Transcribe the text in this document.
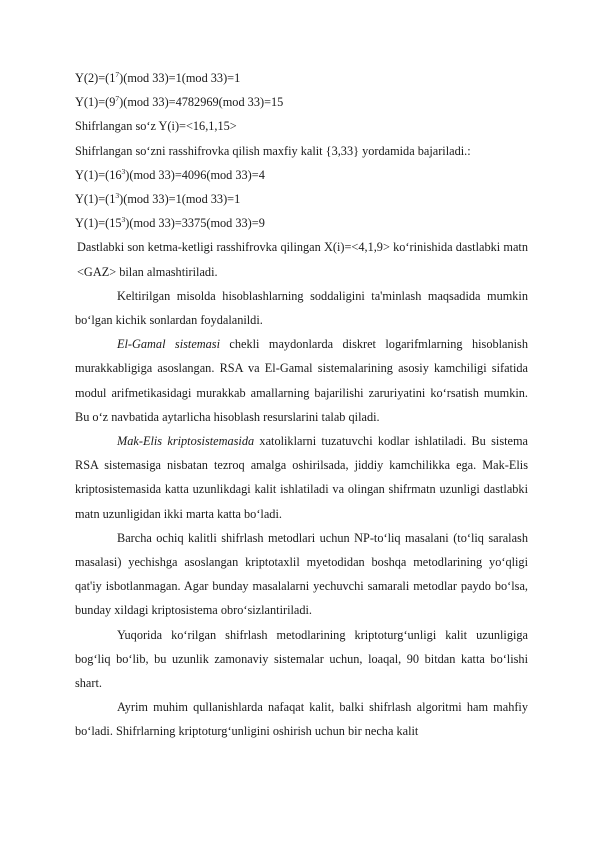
$Y(2)=(1^7)(mod$ 33)=1(mod 33)=1

$Y(1)=(9^7)(mod$ 33)=4782969(mod 33)=15

Shifrlangan so‘z Y(i)=<16,1,15>

Shifrlangan so‘zni rasshifrovka qilish maxfiy kalit {3,33} yordamida bajariladi.:

$Y(1)=(16^3)(mod$ 33)=4096(mod 33)=4

$Y(1)=(1^3)(mod$ 33)=1(mod 33)=1

$Y(1)=(15^3)(mod$ 33)=3375(mod 33)=9

Dastlabki son ketma-ketligi rasshifrovka qilingan X(i)=<4,1,9> ko‘rinishida dastlabki matn <GAZ> bilan almashtiriladi.

Keltirilgan misolda hisoblashlarning soddaligini ta'minlash maqsadida mumkin bo‘lgan kichik sonlardan foydalanildi.

El-Gamal sistemasi chekli maydonlarda diskret logarifmlarning hisoblanish murakkabligiga asoslangan. RSA va El-Gamal sistemalarining asosiy kamchiligi sifatida modul arifmetikasidagi murakkab amallarning bajarilishi zaruriyatini ko‘rsatish mumkin. Bu o‘z navbatida aytarlicha hisoblash resurslarini talab qiladi.

Mak-Elis kriptosistemasida xatoliklarni tuzatuvchi kodlar ishlatiladi. Bu sistema RSA sistemasiga nisbatan tezroq amalga oshirilsada, jiddiy kamchilikka ega. Mak-Elis kriptosistemasida katta uzunlikdagi kalit ishlatiladi va olingan shifrmatn uzunligi dastlabki matn uzunligidan ikki marta katta bo‘ladi.

Barcha ochiq kalitli shifrlash metodlari uchun NP-to‘liq masalani (to‘liq saralash masalasi) yechishga asoslangan kriptotaxlil myetodidan boshqa metodlarining yo‘qligi qat'iy isbotlanmagan. Agar bunday masalalarni yechuvchi samarali metodlar paydo bo‘lsa, bunday xildagi kriptosistema obro‘sizlantiriladi.

Yuqorida ko‘rilgan shifrlash metodlarining kriptoturg‘unligi kalit uzunligiga bog‘liq bo‘lib, bu uzunlik zamonaviy sistemalar uchun, loaqal, 90 bitdan katta bo‘lishi shart.

Ayrim muhim qullanishlarda nafaqat kalit, balki shifrlash algoritmi ham mahfiy bo‘ladi. Shifrlarning kriptoturg‘unligini oshirish uchun bir necha kalit
